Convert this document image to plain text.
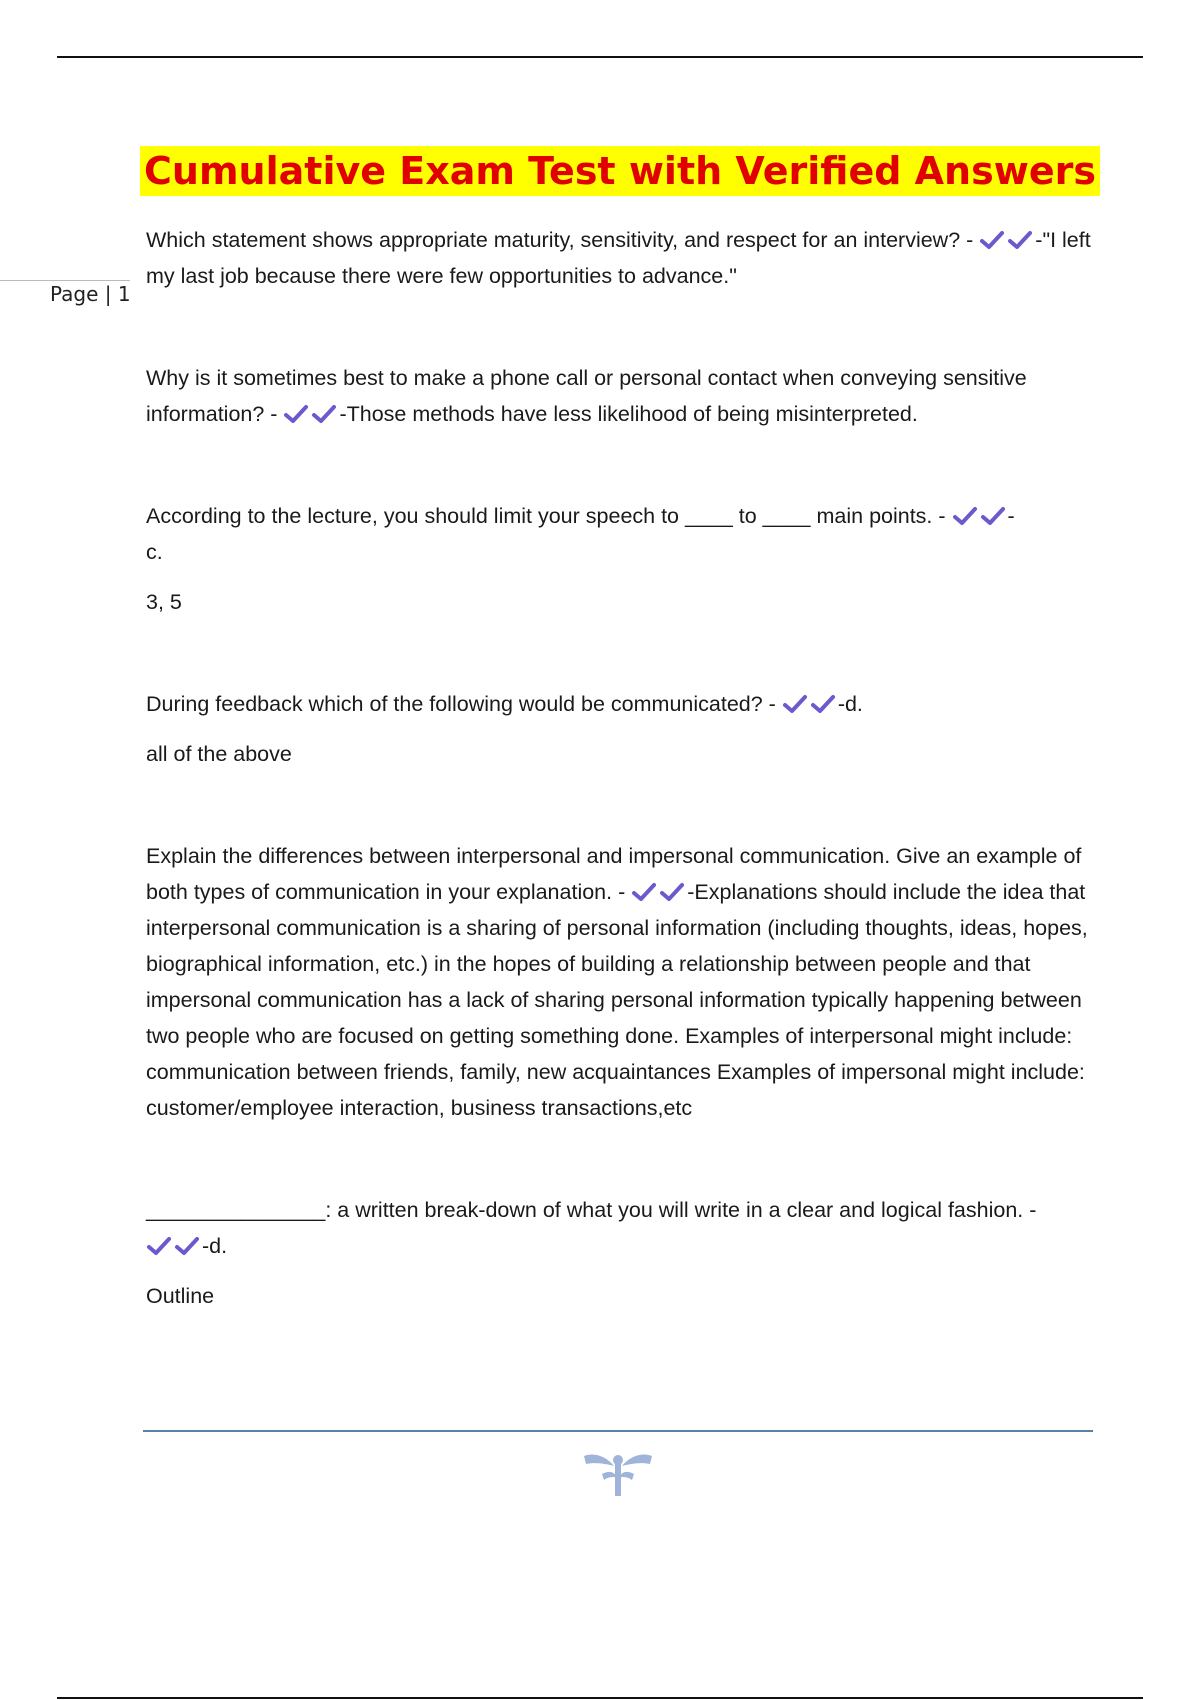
Page | 1
Cumulative Exam Test with Verified Answers

Which statement shows appropriate maturity, sensitivity, and respect for an interview? -	-"I left my last job because there were few opportunities to advance."

Why is it sometimes best to make a phone call or personal contact when conveying sensitive information? -	-Those methods have less likelihood of being misinterpreted.

According to the lecture, you should limit your speech to ____ to ____ main points. -	-
c.

3, 5

During feedback which of the following would be communicated? -	-d.

all of the above

Explain the differences between interpersonal and impersonal communication. Give an example of both types of communication in your explanation. -	-Explanations should include the idea that interpersonal communication is a sharing of personal information (including thoughts, ideas, hopes, biographical information, etc.) in the hopes of building a relationship between people and that impersonal communication has a lack of sharing personal information typically happening between two people who are focused on getting something done. Examples of interpersonal might include: communication between friends, family, new acquaintances Examples of impersonal might include: customer/employee interaction, business transactions,etc

_______________: a written break-down of what you will write in a clear and logical fashion. -
-d.

Outline
